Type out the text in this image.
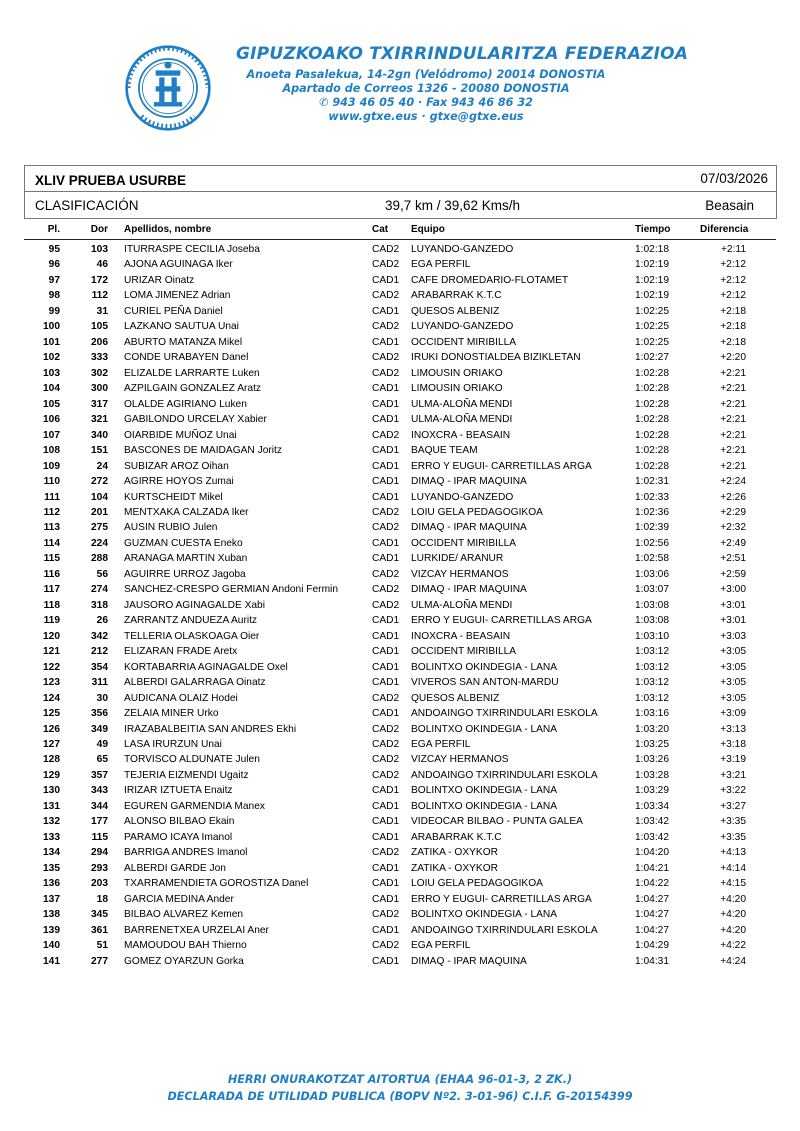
GIPUZKOAKO TXIRRINDULARITZA FEDERAZIOA
Anoeta Pasalekua, 14-2gn (Velódromo) 20014 DONOSTIA
Apartado de Correos 1326 - 20080 DONOSTIA
✆ 943 46 05 40 · Fax 943 46 86 32
www.gtxe.eus · gtxe@gtxe.eus
XLIV PRUEBA USURBE	07/03/2026
CLASIFICACIÓN	39,7 km / 39,62 Kms/h	Beasain
Pl.	Dor Apellidos, nombre	Cat Equipo	Tiempo	Diferencia
95	103 ITURRASPE CECILIA Joseba	CAD2 LUYANDO-GANZEDO	1:02:18	+2:11
96	46 AJONA AGUINAGA Iker	CAD2 EGA PERFIL	1:02:19	+2:12
97	172 URIZAR Oinatz	CAD1 CAFE DROMEDARIO-FLOTAMET	1:02:19	+2:12
98	112 LOMA JIMENEZ Adrian	CAD2 ARABARRAK K.T.C	1:02:19	+2:12
99	31 CURIEL PEÑA Daniel	CAD1 QUESOS ALBENIZ	1:02:25	+2:18
100	105 LAZKANO SAUTUA Unai	CAD2 LUYANDO-GANZEDO	1:02:25	+2:18
101	206 ABURTO MATANZA Mikel	CAD1 OCCIDENT MIRIBILLA	1:02:25	+2:18
102	333 CONDE URABAYEN Danel	CAD2 IRUKI DONOSTIALDEA BIZIKLETAN	1:02:27	+2:20
103	302 ELIZALDE LARRARTE Luken	CAD2 LIMOUSIN ORIAKO	1:02:28	+2:21
104	300 AZPILGAIN GONZALEZ Aratz	CAD1 LIMOUSIN ORIAKO	1:02:28	+2:21
105	317 OLALDE AGIRIANO Luken	CAD1 ULMA-ALOÑA MENDI	1:02:28	+2:21
106	321 GABILONDO URCELAY Xabier	CAD1 ULMA-ALOÑA MENDI	1:02:28	+2:21
107	340 OIARBIDE MUÑOZ Unai	CAD2 INOXCRA - BEASAIN	1:02:28	+2:21
108	151 BASCONES DE MAIDAGAN Joritz	CAD1 BAQUE TEAM	1:02:28	+2:21
109	24 SUBIZAR AROZ Oihan	CAD1 ERRO Y EUGUI- CARRETILLAS ARGA	1:02:28	+2:21
110	272 AGIRRE HOYOS Zumai	CAD1 DIMAQ - IPAR MAQUINA	1:02:31	+2:24
111	104 KURTSCHEIDT Mikel	CAD1 LUYANDO-GANZEDO	1:02:33	+2:26
112	201 MENTXAKA CALZADA Iker	CAD2 LOIU GELA PEDAGOGIKOA	1:02:36	+2:29
113	275 AUSIN RUBIO Julen	CAD2 DIMAQ - IPAR MAQUINA	1:02:39	+2:32
114	224 GUZMAN CUESTA Eneko	CAD1 OCCIDENT MIRIBILLA	1:02:56	+2:49
115	288 ARANAGA MARTIN Xuban	CAD1 LURKIDE/ ARANUR	1:02:58	+2:51
116	56 AGUIRRE URROZ Jagoba	CAD2 VIZCAY HERMANOS	1:03:06	+2:59
117	274 SANCHEZ-CRESPO GERMIAN Andoni Fermin	CAD2 DIMAQ - IPAR MAQUINA	1:03:07	+3:00
118	318 JAUSORO AGINAGALDE Xabi	CAD2 ULMA-ALOÑA MENDI	1:03:08	+3:01
119	26 ZARRANTZ ANDUEZA Auritz	CAD1 ERRO Y EUGUI- CARRETILLAS ARGA	1:03:08	+3:01
120	342 TELLERIA OLASKOAGA Oier	CAD1 INOXCRA - BEASAIN	1:03:10	+3:03
121	212 ELIZARAN FRADE Aretx	CAD1 OCCIDENT MIRIBILLA	1:03:12	+3:05
122	354 KORTABARRIA AGINAGALDE Oxel	CAD1 BOLINTXO OKINDEGIA - LANA	1:03:12	+3:05
123	311 ALBERDI GALARRAGA Oinatz	CAD1 VIVEROS SAN ANTON-MARDU	1:03:12	+3:05
124	30 AUDICANA OLAIZ Hodei	CAD2 QUESOS ALBENIZ	1:03:12	+3:05
125	356 ZELAIA MINER Urko	CAD1 ANDOAINGO TXIRRINDULARI ESKOLA	1:03:16	+3:09
126	349 IRAZABALBEITIA SAN ANDRES Ekhi	CAD2 BOLINTXO OKINDEGIA - LANA	1:03:20	+3:13
127	49 LASA IRURZUN Unai	CAD2 EGA PERFIL	1:03:25	+3:18
128	65 TORVISCO ALDUNATE Julen	CAD2 VIZCAY HERMANOS	1:03:26	+3:19
129	357 TEJERIA EIZMENDI Ugaitz	CAD2 ANDOAINGO TXIRRINDULARI ESKOLA	1:03:28	+3:21
130	343 IRIZAR IZTUETA Enaitz	CAD1 BOLINTXO OKINDEGIA - LANA	1:03:29	+3:22
131	344 EGUREN GARMENDIA Manex	CAD1 BOLINTXO OKINDEGIA - LANA	1:03:34	+3:27
132	177 ALONSO BILBAO Ekain	CAD1 VIDEOCAR BILBAO - PUNTA GALEA	1:03:42	+3:35
133	115 PARAMO ICAYA Imanol	CAD1 ARABARRAK K.T.C	1:03:42	+3:35
134	294 BARRIGA ANDRES Imanol	CAD2 ZATIKA - OXYKOR	1:04:20	+4:13
135	293 ALBERDI GARDE Jon	CAD1 ZATIKA - OXYKOR	1:04:21	+4:14
136	203 TXARRAMENDIETA GOROSTIZA Danel	CAD1 LOIU GELA PEDAGOGIKOA	1:04:22	+4:15
137	18 GARCIA MEDINA Ander	CAD1 ERRO Y EUGUI- CARRETILLAS ARGA	1:04:27	+4:20
138	345 BILBAO ALVAREZ Kemen	CAD2 BOLINTXO OKINDEGIA - LANA	1:04:27	+4:20
139	361 BARRENETXEA URZELAI Aner	CAD1 ANDOAINGO TXIRRINDULARI ESKOLA	1:04:27	+4:20
140	51 MAMOUDOU BAH Thierno	CAD2 EGA PERFIL	1:04:29	+4:22
141	277 GOMEZ OYARZUN Gorka	CAD1 DIMAQ - IPAR MAQUINA	1:04:31	+4:24
HERRI ONURAKOTZAT AITORTUA (EHAA 96-01-3, 2 ZK.)
DECLARADA DE UTILIDAD PUBLICA (BOPV Nº2. 3-01-96) C.I.F. G-20154399
